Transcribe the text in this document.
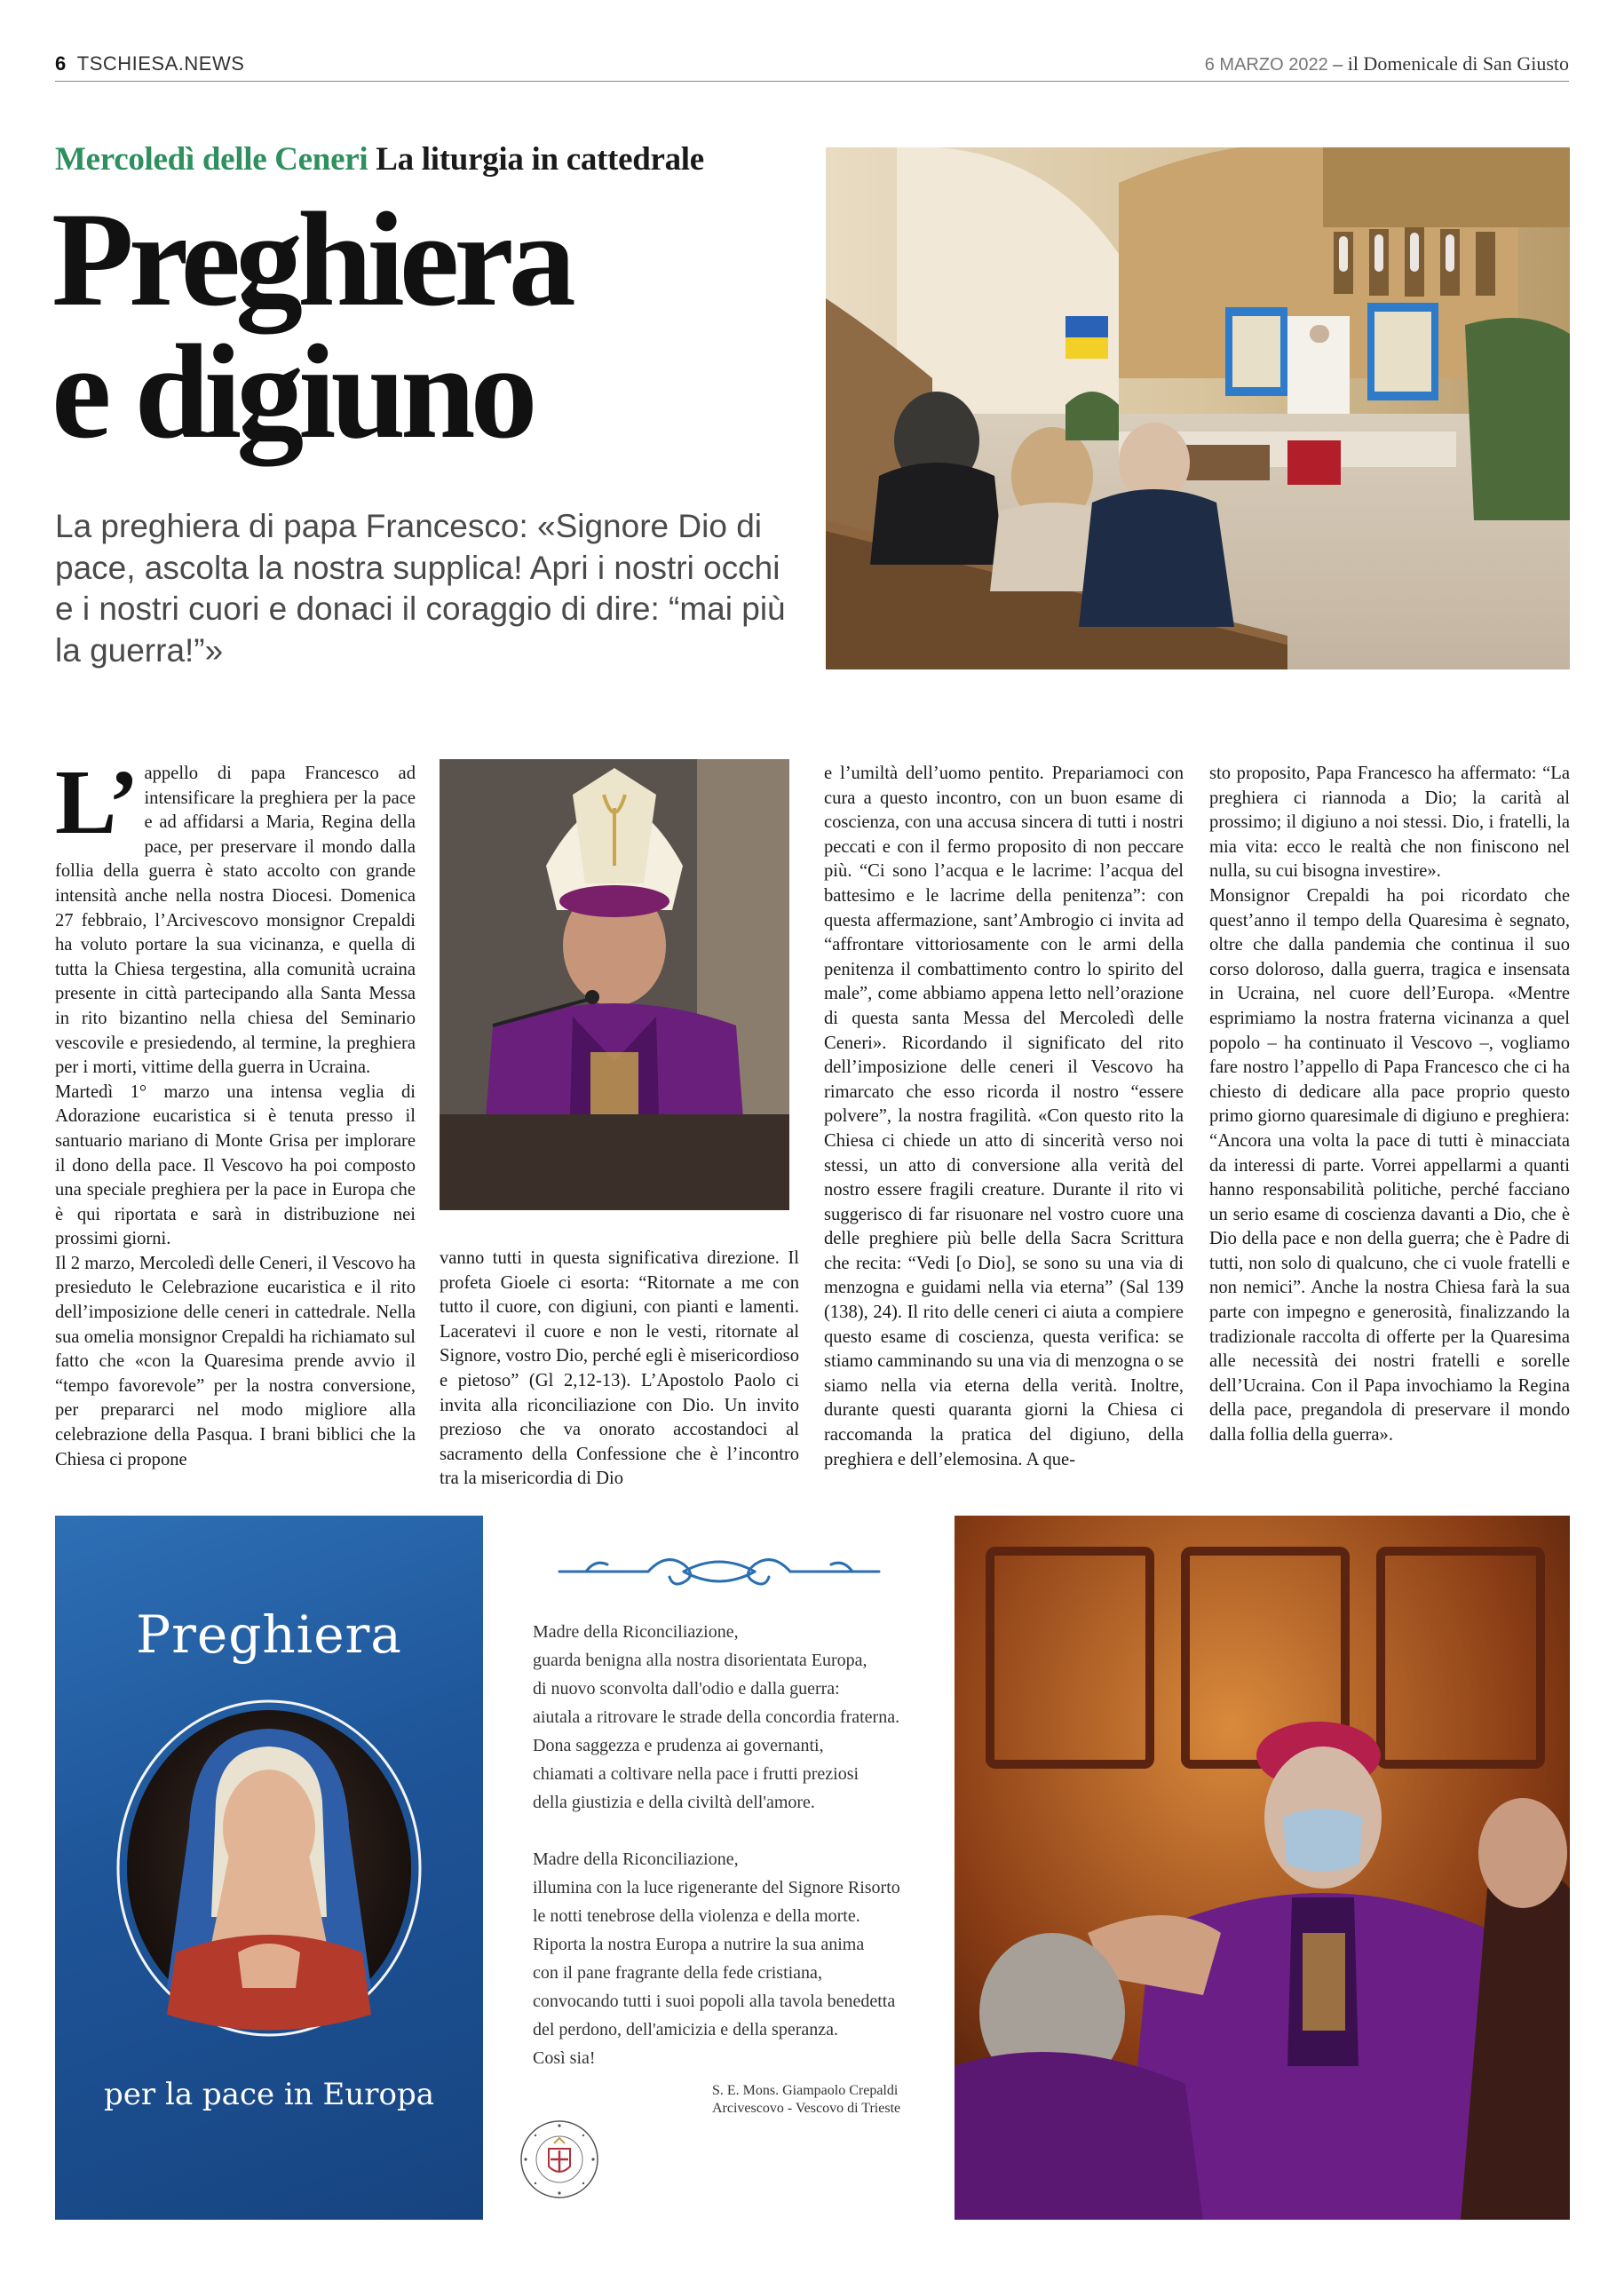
6 TSCHIESA.NEWS	6 MARZO 2022 – il Domenicale di San Giusto
Mercoledì delle Ceneri La liturgia in cattedrale
Preghiera
e digiuno

La preghiera di papa Francesco: «Signore Dio di pace, ascolta la nostra supplica! Apri i nostri occhi e i nostri cuori e donaci il coraggio di dire: “mai più la guerra!”»

L’ appello di papa Francesco ad intensificare la preghiera per la pace e ad affidarsi a Maria, Regina della pace, per preservare il mondo dalla follia della guerra è stato accolto con grande intensità anche nella nostra Diocesi. Domenica 27 febbraio, l’Arcivescovo monsignor Crepaldi ha voluto portare la sua vicinanza, e quella di tutta la Chiesa tergestina, alla comunità ucraina presente in città partecipando alla Santa Messa in rito bizantino nella chiesa del Seminario vescovile e presiedendo, al termine, la preghiera per i morti, vittime della guerra in Ucraina.

Martedì 1° marzo una intensa veglia di Adorazione eucaristica si è tenuta presso il santuario mariano di Monte Grisa per implorare il dono della pace. Il Vescovo ha poi composto una speciale preghiera per la pace in Europa che è qui riportata e sarà in distribuzione nei prossimi giorni.

Il 2 marzo, Mercoledì delle Ceneri, il Vescovo ha presieduto le Celebrazione eucaristica e il rito dell’imposizione delle ceneri in cattedrale. Nella sua omelia monsignor Crepaldi ha richiamato sul fatto che «con la Quaresima prende avvio il “tempo favorevole” per la nostra conversione, per prepararci nel modo migliore alla celebrazione della Pasqua. I brani biblici che la Chiesa ci propone

vanno tutti in questa significativa direzione. Il profeta Gioele ci esorta: “Ritornate a me con tutto il cuore, con digiuni, con pianti e lamenti. Laceratevi il cuore e non le vesti, ritornate al Signore, vostro Dio, perché egli è misericordioso e pietoso” (Gl 2,12-13). L’Apostolo Paolo ci invita alla riconciliazione con Dio. Un invito prezioso che va onorato accostandoci al sacramento della Confessione che è l’incontro tra la misericordia di Dio

e l’umiltà dell’uomo pentito. Prepariamoci con cura a questo incontro, con un buon esame di coscienza, con una accusa sincera di tutti i nostri peccati e con il fermo proposito di non peccare più. “Ci sono l’acqua e le lacrime: l’acqua del battesimo e le lacrime della penitenza”: con questa affermazione, sant’Ambrogio ci invita ad “affrontare vittoriosamente con le armi della penitenza il combattimento contro lo spirito del male”, come abbiamo appena letto nell’orazione di questa santa Messa del Mercoledì delle Ceneri». Ricordando il significato del rito dell’imposizione delle ceneri il Vescovo ha rimarcato che esso ricorda il nostro “essere polvere”, la nostra fragilità. «Con questo rito la Chiesa ci chiede un atto di sincerità verso noi stessi, un atto di conversione alla verità del nostro essere fragili creature. Durante il rito vi suggerisco di far risuonare nel vostro cuore una delle preghiere più belle della Sacra Scrittura che recita: “Vedi [o Dio], se sono su una via di menzogna e guidami nella via eterna” (Sal 139 (138), 24). Il rito delle ceneri ci aiuta a compiere questo esame di coscienza, questa verifica: se stiamo camminando su una via di menzogna o se siamo nella via eterna della verità. Inoltre, durante questi quaranta giorni la Chiesa ci raccomanda la pratica del digiuno, della preghiera e dell’elemosina. A que-

sto proposito, Papa Francesco ha affermato: “La preghiera ci riannoda a Dio; la carità al prossimo; il digiuno a noi stessi. Dio, i fratelli, la mia vita: ecco le realtà che non finiscono nel nulla, su cui bisogna investire».

Monsignor Crepaldi ha poi ricordato che quest’anno il tempo della Quaresima è segnato, oltre che dalla pandemia che continua il suo corso doloroso, dalla guerra, tragica e insensata in Ucraina, nel cuore dell’Europa. «Mentre esprimiamo la nostra fraterna vicinanza a quel popolo – ha continuato il Vescovo –, vogliamo fare nostro l’appello di Papa Francesco che ci ha chiesto di dedicare alla pace proprio questo primo giorno quaresimale di digiuno e preghiera: “Ancora una volta la pace di tutti è minacciata da interessi di parte. Vorrei appellarmi a quanti hanno responsabilità politiche, perché facciano un serio esame di coscienza davanti a Dio, che è Dio della pace e non della guerra; che è Padre di tutti, non solo di qualcuno, che ci vuole fratelli e non nemici”. Anche la nostra Chiesa farà la sua parte con impegno e generosità, finalizzando la tradizionale raccolta di offerte per la Quaresima alle necessità dei nostri fratelli e sorelle dell’Ucraina. Con il Papa invochiamo la Regina della pace, pregandola di preservare il mondo dalla follia della guerra».

Preghiera
per la pace in Europa
Madre della Riconciliazione,
guarda benigna alla nostra disorientata Europa,
di nuovo sconvolta dall'odio e dalla guerra:
aiutala a ritrovare le strade della concordia fraterna.
Dona saggezza e prudenza ai governanti,
chiamati a coltivare nella pace i frutti preziosi
della giustizia e della civiltà dell'amore.
Madre della Riconciliazione,
illumina con la luce rigenerante del Signore Risorto
le notti tenebrose della violenza e della morte.
Riporta la nostra Europa a nutrire la sua anima
con il pane fragrante della fede cristiana,
convocando tutti i suoi popoli alla tavola benedetta
del perdono, dell'amicizia e della speranza.
Così sia!
S. E. Mons. Giampaolo Crepaldi
Arcivescovo - Vescovo di Trieste
